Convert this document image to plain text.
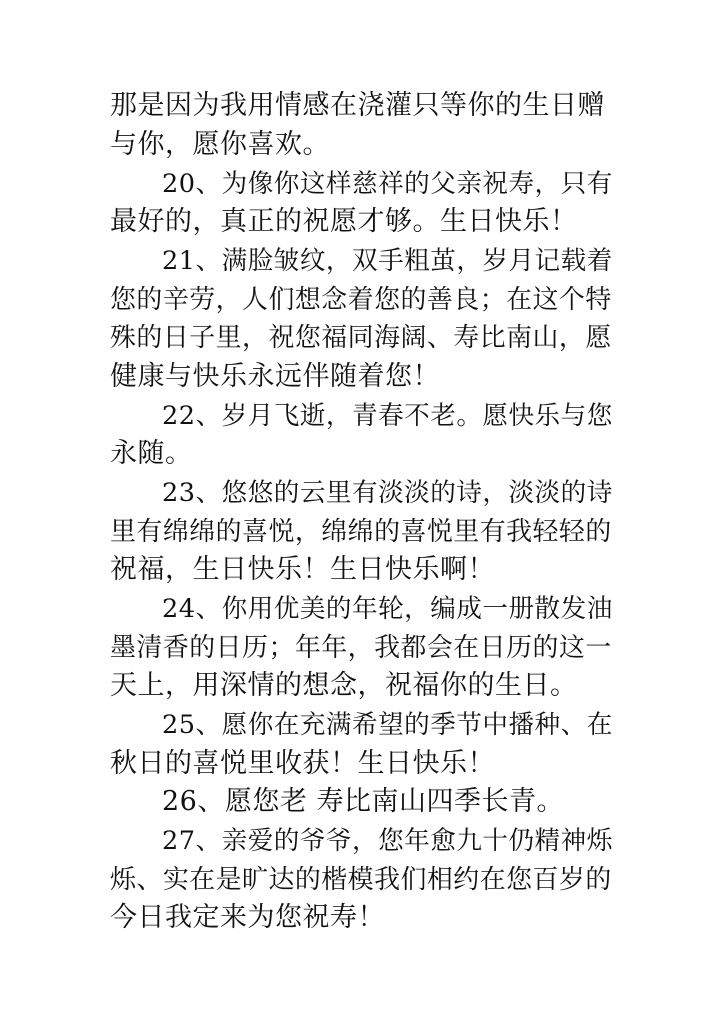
那是因为我用情感在浇灌只等你的生日赠

与你，愿你喜欢。

20、为像你这样慈祥的父亲祝寿，只有

最好的，真正的祝愿才够。生日快乐！

21、满脸皱纹，双手粗茧，岁月记载着

您的辛劳，人们想念着您的善良；在这个特

殊的日子里，祝您福同海阔、寿比南山，愿

健康与快乐永远伴随着您！

22、岁月飞逝，青春不老。愿快乐与您

永随。

23、悠悠的云里有淡淡的诗，淡淡的诗

里有绵绵的喜悦，绵绵的喜悦里有我轻轻的

祝福，生日快乐！生日快乐啊！

24、你用优美的年轮，编成一册散发油

墨清香的日历；年年，我都会在日历的这一

天上，用深情的想念，祝福你的生日。

25、愿你在充满希望的季节中播种、在

秋日的喜悦里收获！生日快乐！

26、愿您老 寿比南山四季长青。

27、亲爱的爷爷，您年愈九十仍精神烁

烁、实在是旷达的楷模我们相约在您百岁的

今日我定来为您祝寿！
